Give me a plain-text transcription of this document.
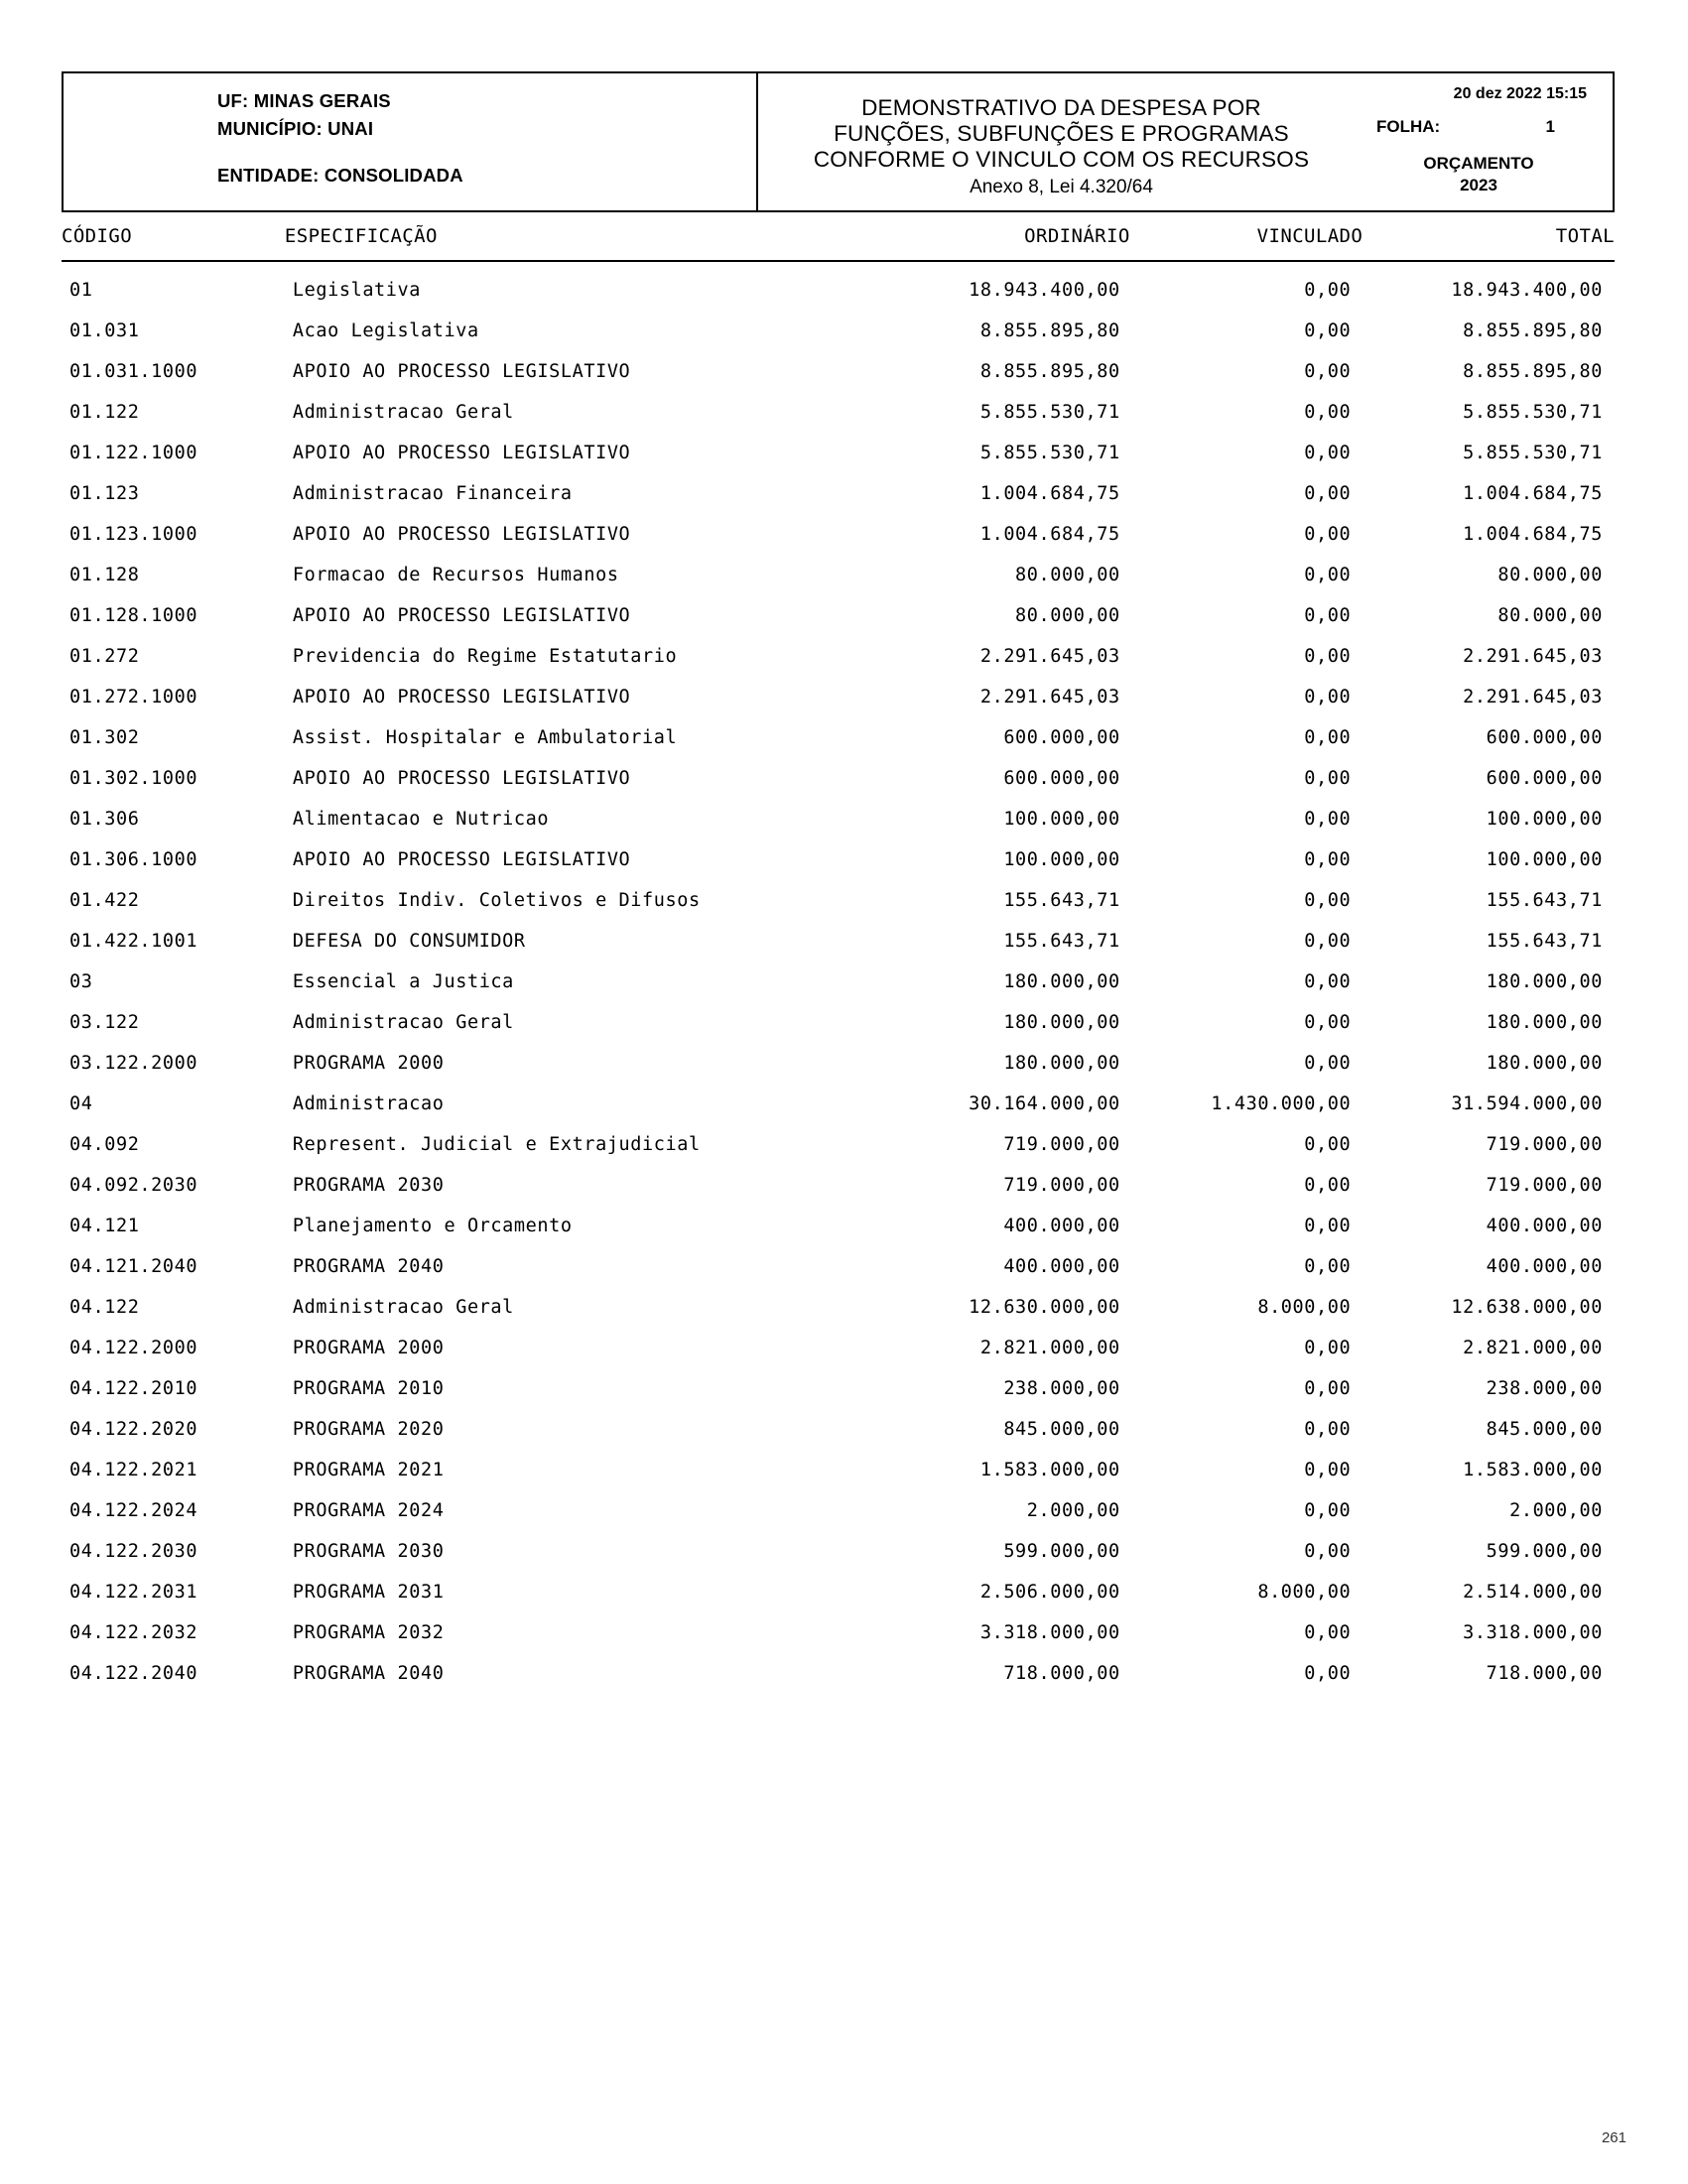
UF: MINAS GERAIS
MUNICÍPIO: UNAI
ENTIDADE: CONSOLIDADA
DEMONSTRATIVO DA DESPESA POR
FUNÇÕES, SUBFUNÇÕES E PROGRAMAS
CONFORME O VINCULO COM OS RECURSOS
Anexo 8, Lei 4.320/64
20 dez 2022 15:15
FOLHA:	1
ORÇAMENTO
2023
CÓDIGO	ESPECIFICAÇÃO	ORDINÁRIO	VINCULADO	TOTAL
01	Legislativa	18.943.400,00	0,00	18.943.400,00
01.031	Acao Legislativa	8.855.895,80	0,00	8.855.895,80
01.031.1000	APOIO AO PROCESSO LEGISLATIVO	8.855.895,80	0,00	8.855.895,80
01.122	Administracao Geral	5.855.530,71	0,00	5.855.530,71
01.122.1000	APOIO AO PROCESSO LEGISLATIVO	5.855.530,71	0,00	5.855.530,71
01.123	Administracao Financeira	1.004.684,75	0,00	1.004.684,75
01.123.1000	APOIO AO PROCESSO LEGISLATIVO	1.004.684,75	0,00	1.004.684,75
01.128	Formacao de Recursos Humanos	80.000,00	0,00	80.000,00
01.128.1000	APOIO AO PROCESSO LEGISLATIVO	80.000,00	0,00	80.000,00
01.272	Previdencia do Regime Estatutario	2.291.645,03	0,00	2.291.645,03
01.272.1000	APOIO AO PROCESSO LEGISLATIVO	2.291.645,03	0,00	2.291.645,03
01.302	Assist. Hospitalar e Ambulatorial	600.000,00	0,00	600.000,00
01.302.1000	APOIO AO PROCESSO LEGISLATIVO	600.000,00	0,00	600.000,00
01.306	Alimentacao e Nutricao	100.000,00	0,00	100.000,00
01.306.1000	APOIO AO PROCESSO LEGISLATIVO	100.000,00	0,00	100.000,00
01.422	Direitos Indiv. Coletivos e Difusos	155.643,71	0,00	155.643,71
01.422.1001	DEFESA DO CONSUMIDOR	155.643,71	0,00	155.643,71
03	Essencial a Justica	180.000,00	0,00	180.000,00
03.122	Administracao Geral	180.000,00	0,00	180.000,00
03.122.2000	PROGRAMA 2000	180.000,00	0,00	180.000,00
04	Administracao	30.164.000,00	1.430.000,00	31.594.000,00
04.092	Represent. Judicial e Extrajudicial	719.000,00	0,00	719.000,00
04.092.2030	PROGRAMA 2030	719.000,00	0,00	719.000,00
04.121	Planejamento e Orcamento	400.000,00	0,00	400.000,00
04.121.2040	PROGRAMA 2040	400.000,00	0,00	400.000,00
04.122	Administracao Geral	12.630.000,00	8.000,00	12.638.000,00
04.122.2000	PROGRAMA 2000	2.821.000,00	0,00	2.821.000,00
04.122.2010	PROGRAMA 2010	238.000,00	0,00	238.000,00
04.122.2020	PROGRAMA 2020	845.000,00	0,00	845.000,00
04.122.2021	PROGRAMA 2021	1.583.000,00	0,00	1.583.000,00
04.122.2024	PROGRAMA 2024	2.000,00	0,00	2.000,00
04.122.2030	PROGRAMA 2030	599.000,00	0,00	599.000,00
04.122.2031	PROGRAMA 2031	2.506.000,00	8.000,00	2.514.000,00
04.122.2032	PROGRAMA 2032	3.318.000,00	0,00	3.318.000,00
04.122.2040	PROGRAMA 2040	718.000,00	0,00	718.000,00
261
